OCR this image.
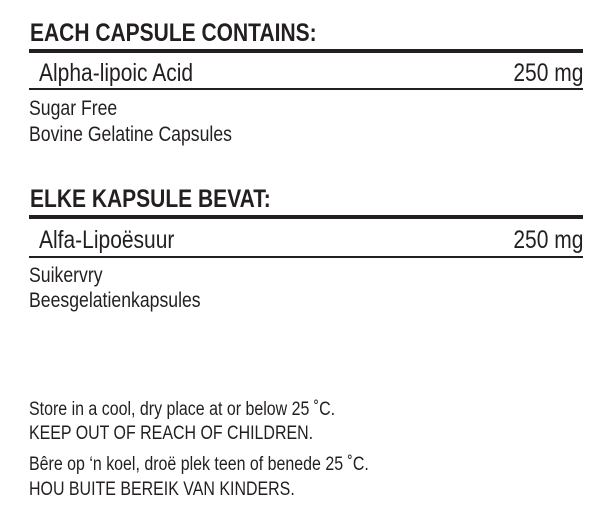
EACH CAPSULE CONTAINS:
Alpha-lipoic Acid	250 mg
Sugar Free
Bovine Gelatine Capsules
ELKE KAPSULE BEVAT:
Alfa-Lipoësuur	250 mg
Suikervry
Beesgelatienkapsules
Store in a cool, dry place at or below 25 ˚C.
KEEP OUT OF REACH OF CHILDREN.
Bêre op ‘n koel, droë plek teen of benede 25 ˚C.
HOU BUITE BEREIK VAN KINDERS.
